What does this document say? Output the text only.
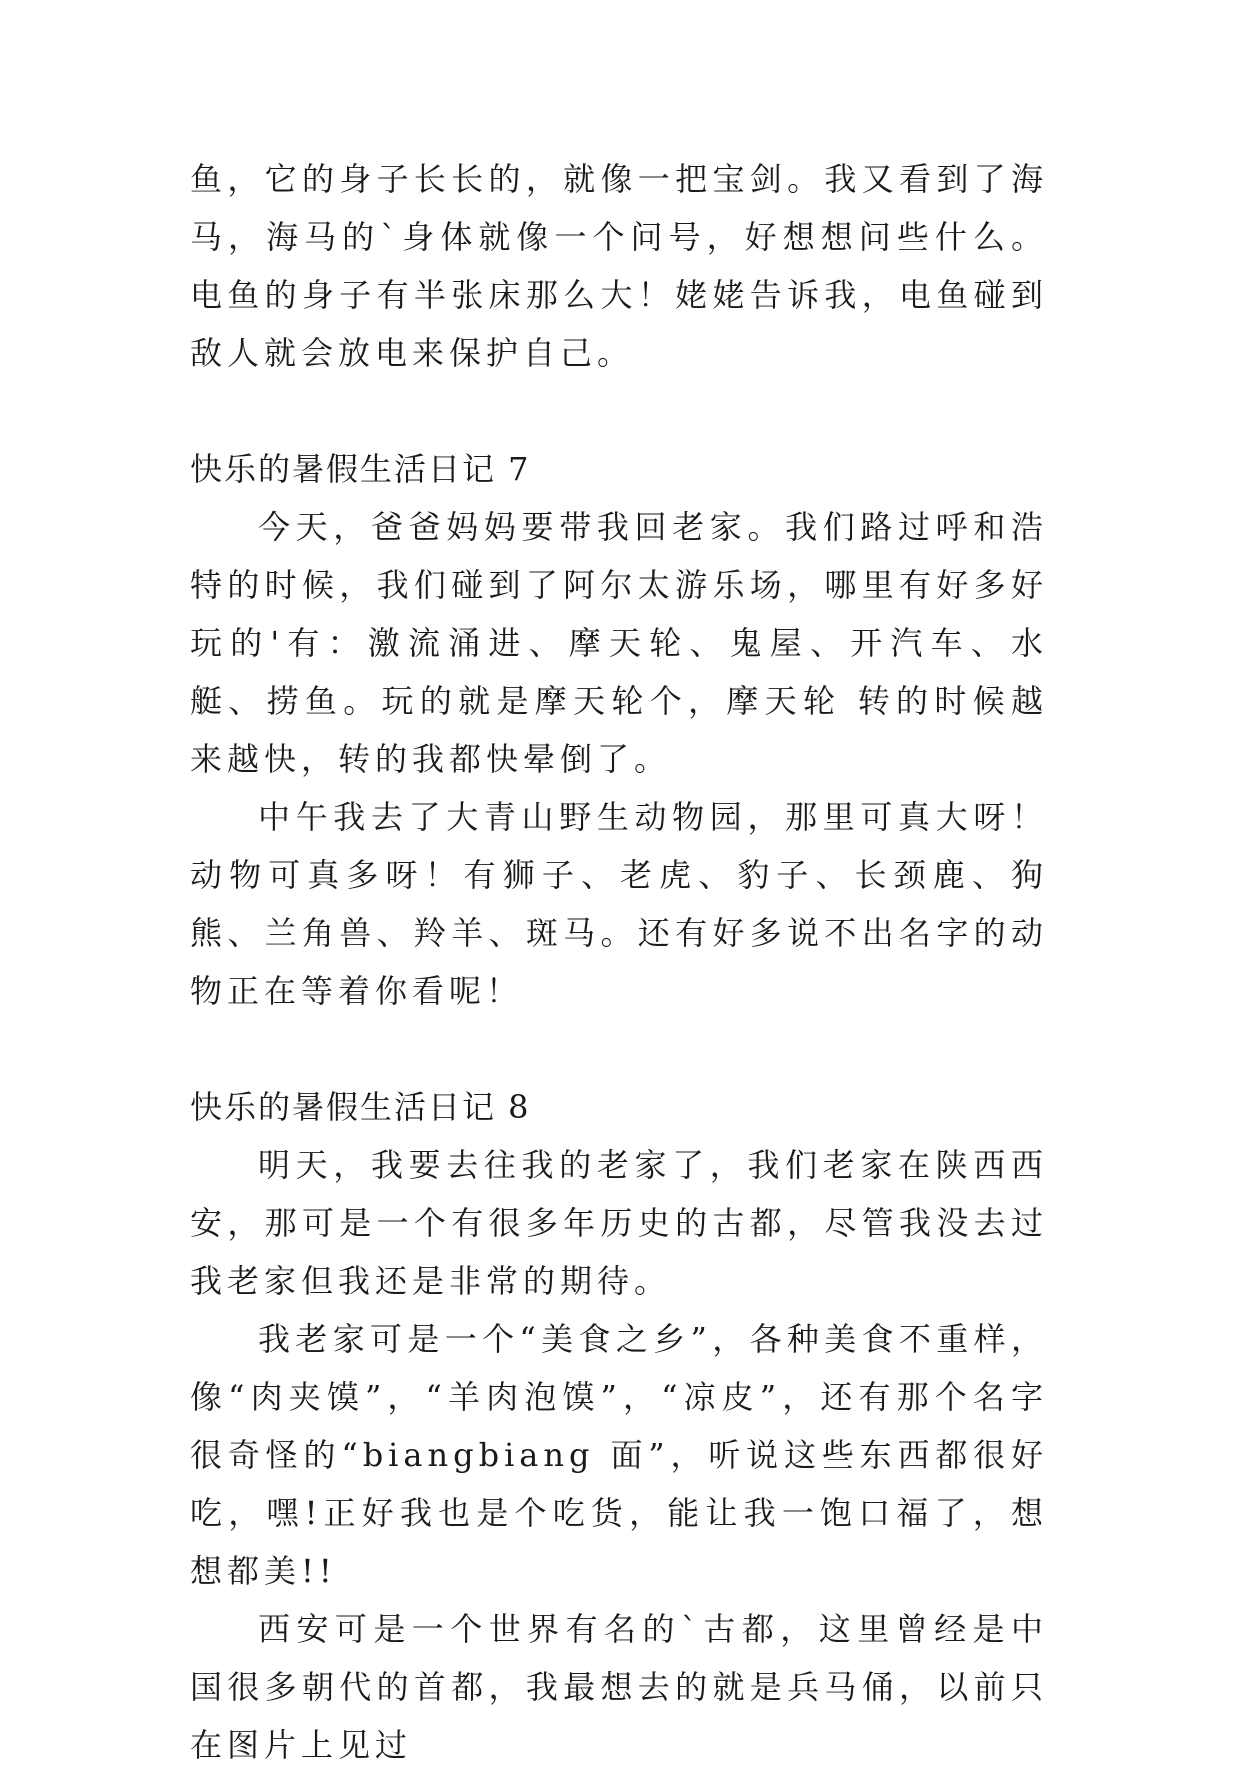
鱼，它的身子长长的，就像一把宝剑。我又看到了海马，海马的`身体就像一个问号，好想想问些什么。电鱼的身子有半张床那么大！姥姥告诉我，电鱼碰到敌人就会放电来保护自己。

快乐的暑假生活日记 7

今天，爸爸妈妈要带我回老家。我们路过呼和浩特的时候，我们碰到了阿尔太游乐场，哪里有好多好玩的'有：激流涌进、摩天轮、鬼屋、开汽车、水艇、捞鱼。玩的就是摩天轮个，摩天轮 转的时候越来越快，转的我都快晕倒了。

中午我去了大青山野生动物园，那里可真大呀！动物可真多呀！有狮子、老虎、豹子、长颈鹿、狗熊、兰角兽、羚羊、斑马。还有好多说不出名字的动物正在等着你看呢！

快乐的暑假生活日记 8

明天，我要去往我的老家了，我们老家在陕西西安，那可是一个有很多年历史的古都，尽管我没去过我老家但我还是非常的期待。

我老家可是一个“美食之乡”，各种美食不重样，像“肉夹馍”，“羊肉泡馍”，“凉皮”，还有那个名字很奇怪的“biangbiang 面”，听说这些东西都很好吃，嘿!正好我也是个吃货，能让我一饱口福了，想想都美!!

西安可是一个世界有名的`古都，这里曾经是中国很多朝代的首都，我最想去的就是兵马俑，以前只在图片上见过
